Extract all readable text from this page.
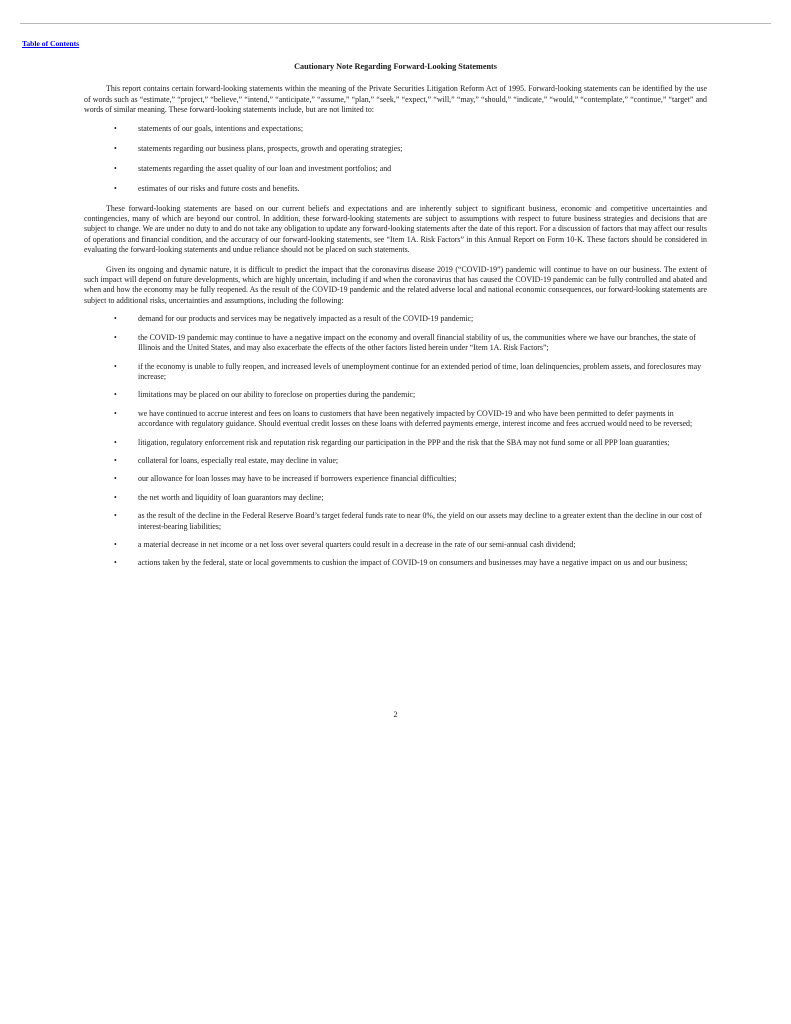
Table of Contents
Cautionary Note Regarding Forward-Looking Statements

This report contains certain forward-looking statements within the meaning of the Private Securities Litigation Reform Act of 1995. Forward-looking statements can be identified by the use of words such as “estimate,” “project,” “believe,” “intend,” “anticipate,” “assume,” “plan,” “seek,” “expect,” “will,” “may,” “should,” “indicate,” “would,” “contemplate,” “continue,” “target” and words of similar meaning. These forward-looking statements include, but are not limited to:

•	statements of our goals, intentions and expectations;
•	statements regarding our business plans, prospects, growth and operating strategies;
•	statements regarding the asset quality of our loan and investment portfolios; and
•	estimates of our risks and future costs and benefits.

These forward-looking statements are based on our current beliefs and expectations and are inherently subject to significant business, economic and competitive uncertainties and contingencies, many of which are beyond our control. In addition, these forward-looking statements are subject to assumptions with respect to future business strategies and decisions that are subject to change. We are under no duty to and do not take any obligation to update any forward-looking statements after the date of this report. For a discussion of factors that may affect our results of operations and financial condition, and the accuracy of our forward-looking statements, see “Item 1A. Risk Factors” in this Annual Report on Form 10-K. These factors should be considered in evaluating the forward-looking statements and undue reliance should not be placed on such statements.

Given its ongoing and dynamic nature, it is difficult to predict the impact that the coronavirus disease 2019 (“COVID-19”) pandemic will continue to have on our business. The extent of such impact will depend on future developments, which are highly uncertain, including if and when the coronavirus that has caused the COVID-19 pandemic can be fully controlled and abated and when and how the economy may be fully reopened. As the result of the COVID-19 pandemic and the related adverse local and national economic consequences, our forward-looking statements are subject to additional risks, uncertainties and assumptions, including the following:

•	demand for our products and services may be negatively impacted as a result of the COVID-19 pandemic;
•	the COVID-19 pandemic may continue to have a negative impact on the economy and overall financial stability of us, the communities where we have our branches, the state of Illinois and the United States, and may also exacerbate the effects of the other factors listed herein under “Item 1A. Risk Factors”;
•	if the economy is unable to fully reopen, and increased levels of unemployment continue for an extended period of time, loan delinquencies, problem assets, and foreclosures may increase;
•	limitations may be placed on our ability to foreclose on properties during the pandemic;
•	we have continued to accrue interest and fees on loans to customers that have been negatively impacted by COVID-19 and who have been permitted to defer payments in accordance with regulatory guidance. Should eventual credit losses on these loans with deferred payments emerge, interest income and fees accrued would need to be reversed;
•	litigation, regulatory enforcement risk and reputation risk regarding our participation in the PPP and the risk that the SBA may not fund some or all PPP loan guaranties;
•	collateral for loans, especially real estate, may decline in value;
•	our allowance for loan losses may have to be increased if borrowers experience financial difficulties;
•	the net worth and liquidity of loan guarantors may decline;
•	as the result of the decline in the Federal Reserve Board’s target federal funds rate to near 0%, the yield on our assets may decline to a greater extent than the decline in our cost of interest-bearing liabilities;
•	a material decrease in net income or a net loss over several quarters could result in a decrease in the rate of our semi-annual cash dividend;
•	actions taken by the federal, state or local governments to cushion the impact of COVID-19 on consumers and businesses may have a negative impact on us and our business;
2
